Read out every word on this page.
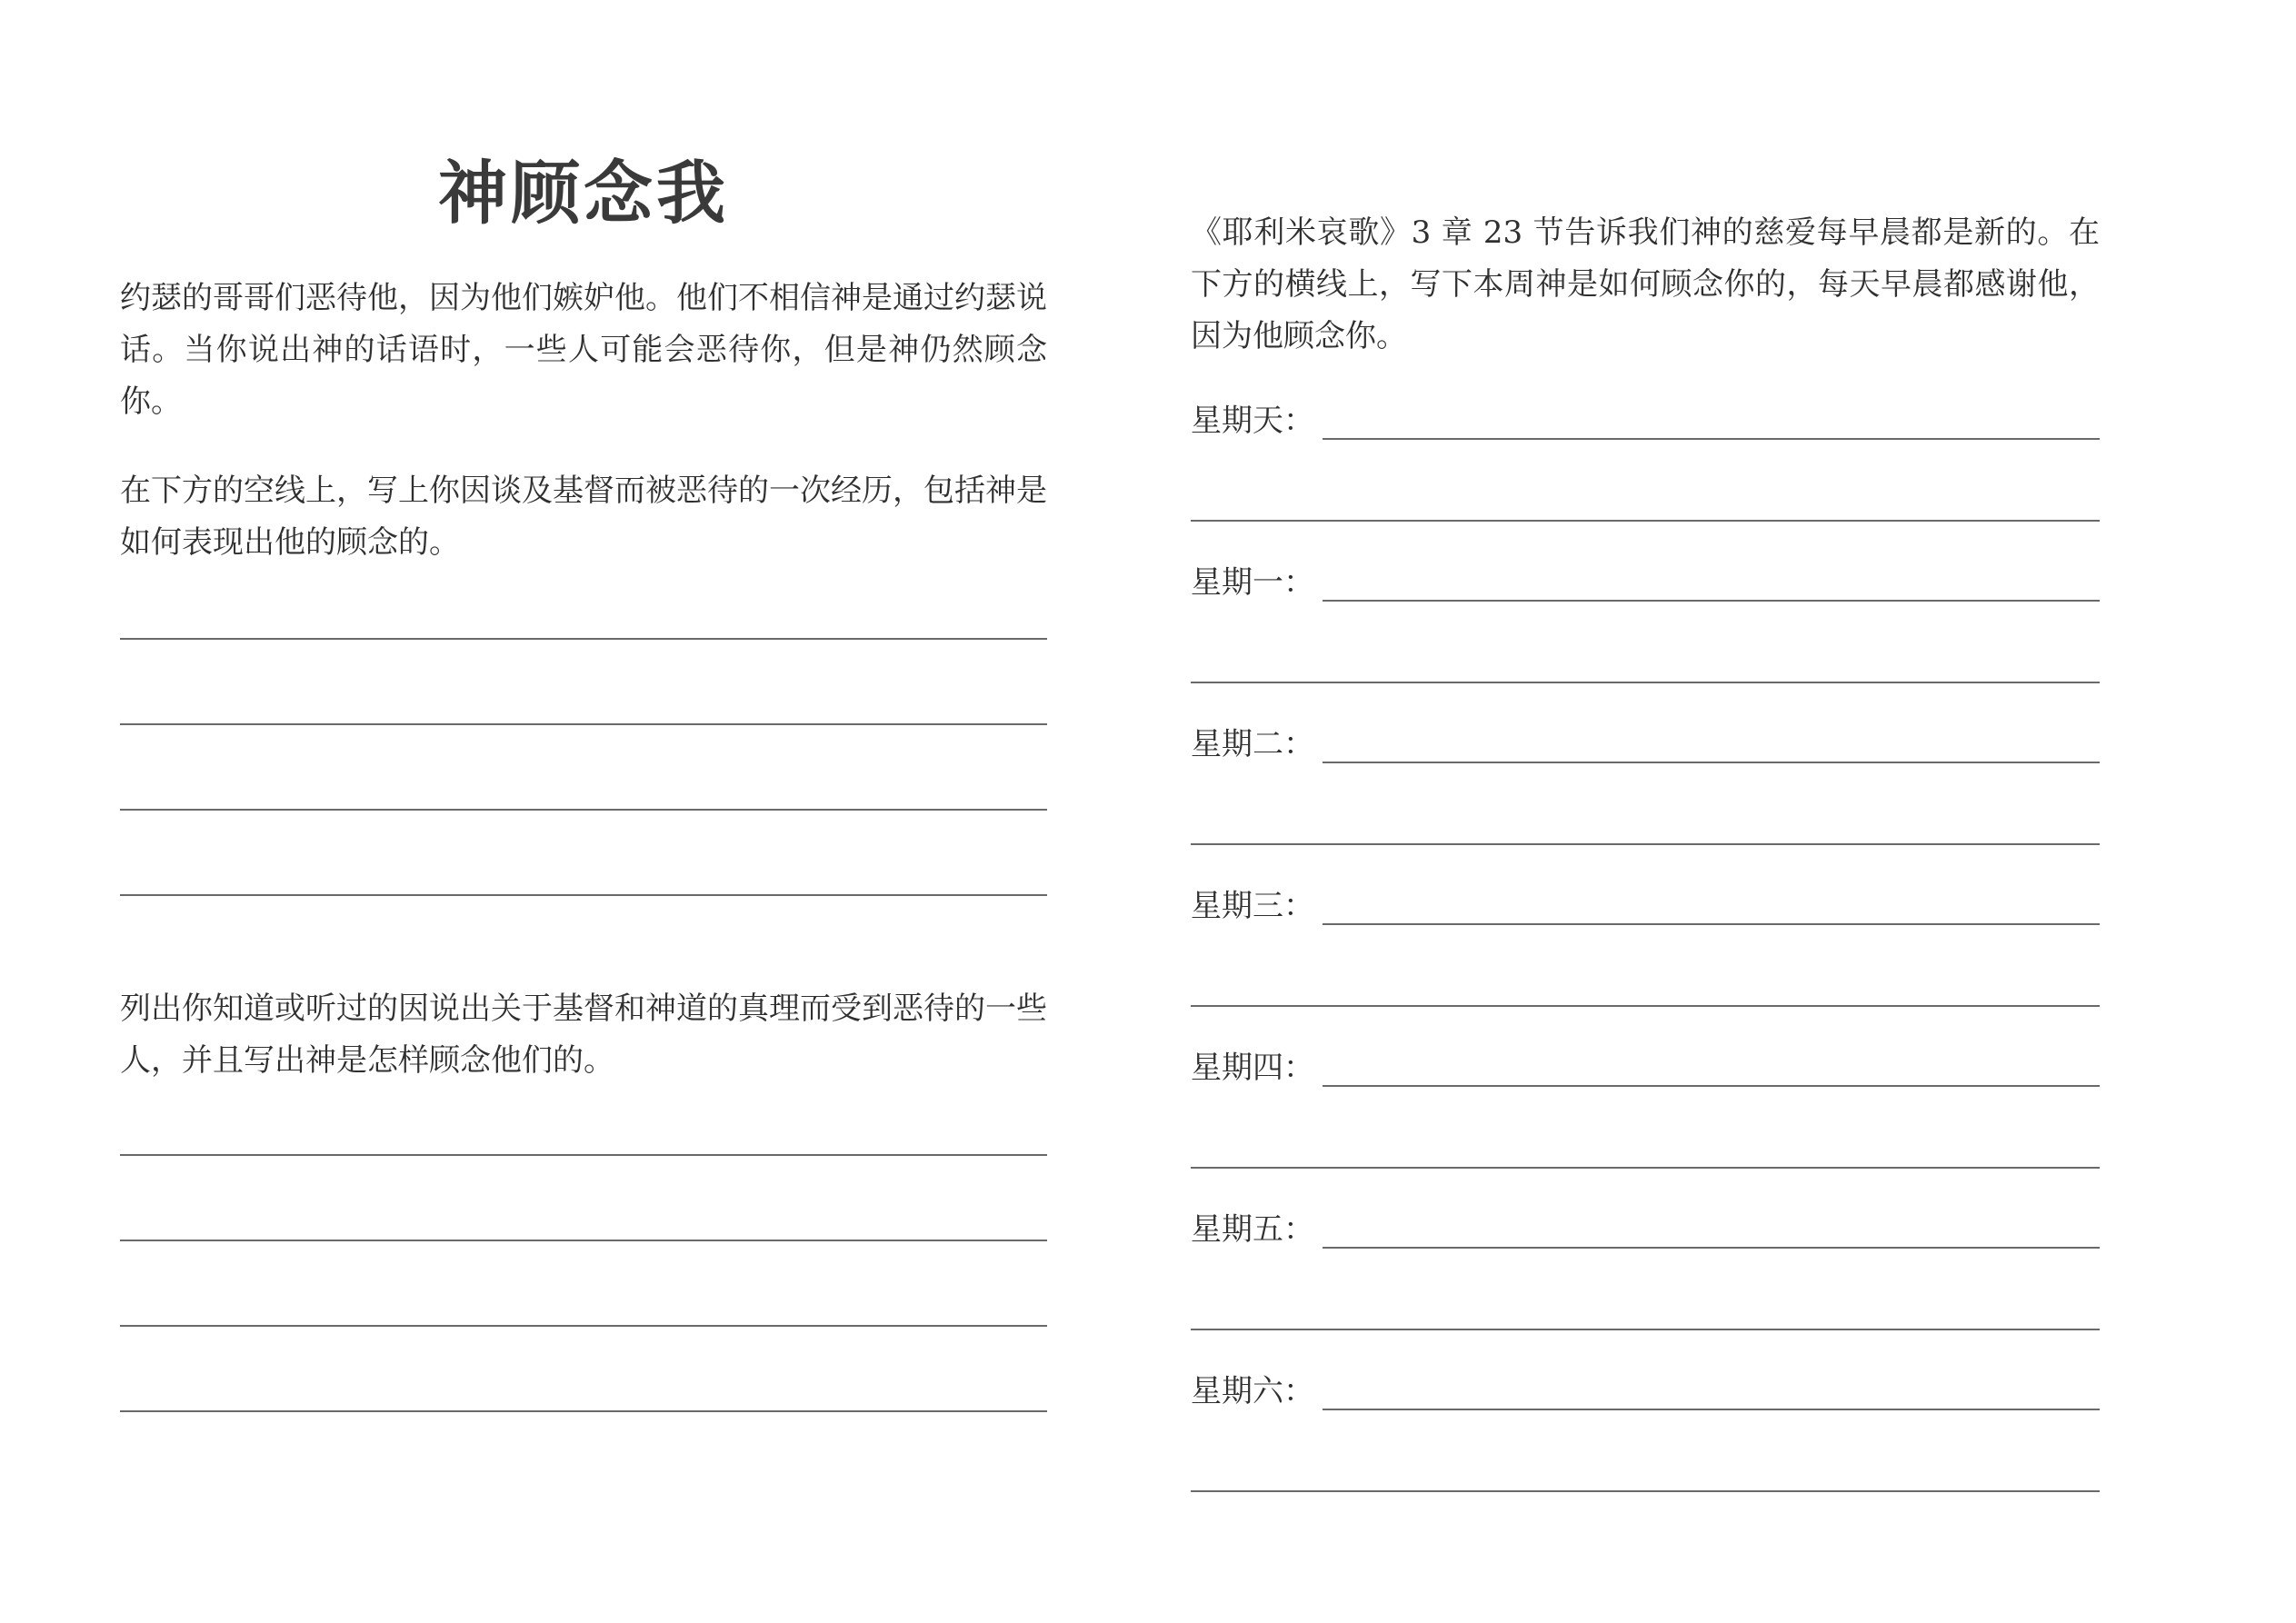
神顾念我

约瑟的哥哥们恶待他，因为他们嫉妒他。他们不相信神是通过约瑟说话。当你说出神的话语时，一些人可能会恶待你，但是神仍然顾念你。

在下方的空线上，写上你因谈及基督而被恶待的一次经历，包括神是如何表现出他的顾念的。

列出你知道或听过的因说出关于基督和神道的真理而受到恶待的一些人，并且写出神是怎样顾念他们的。

《耶利米哀歌》3 章 23 节告诉我们神的慈爱每早晨都是新的。在下方的横线上，写下本周神是如何顾念你的，每天早晨都感谢他，因为他顾念你。

星期天：
星期一：
星期二：
星期三：
星期四：
星期五：
星期六：
